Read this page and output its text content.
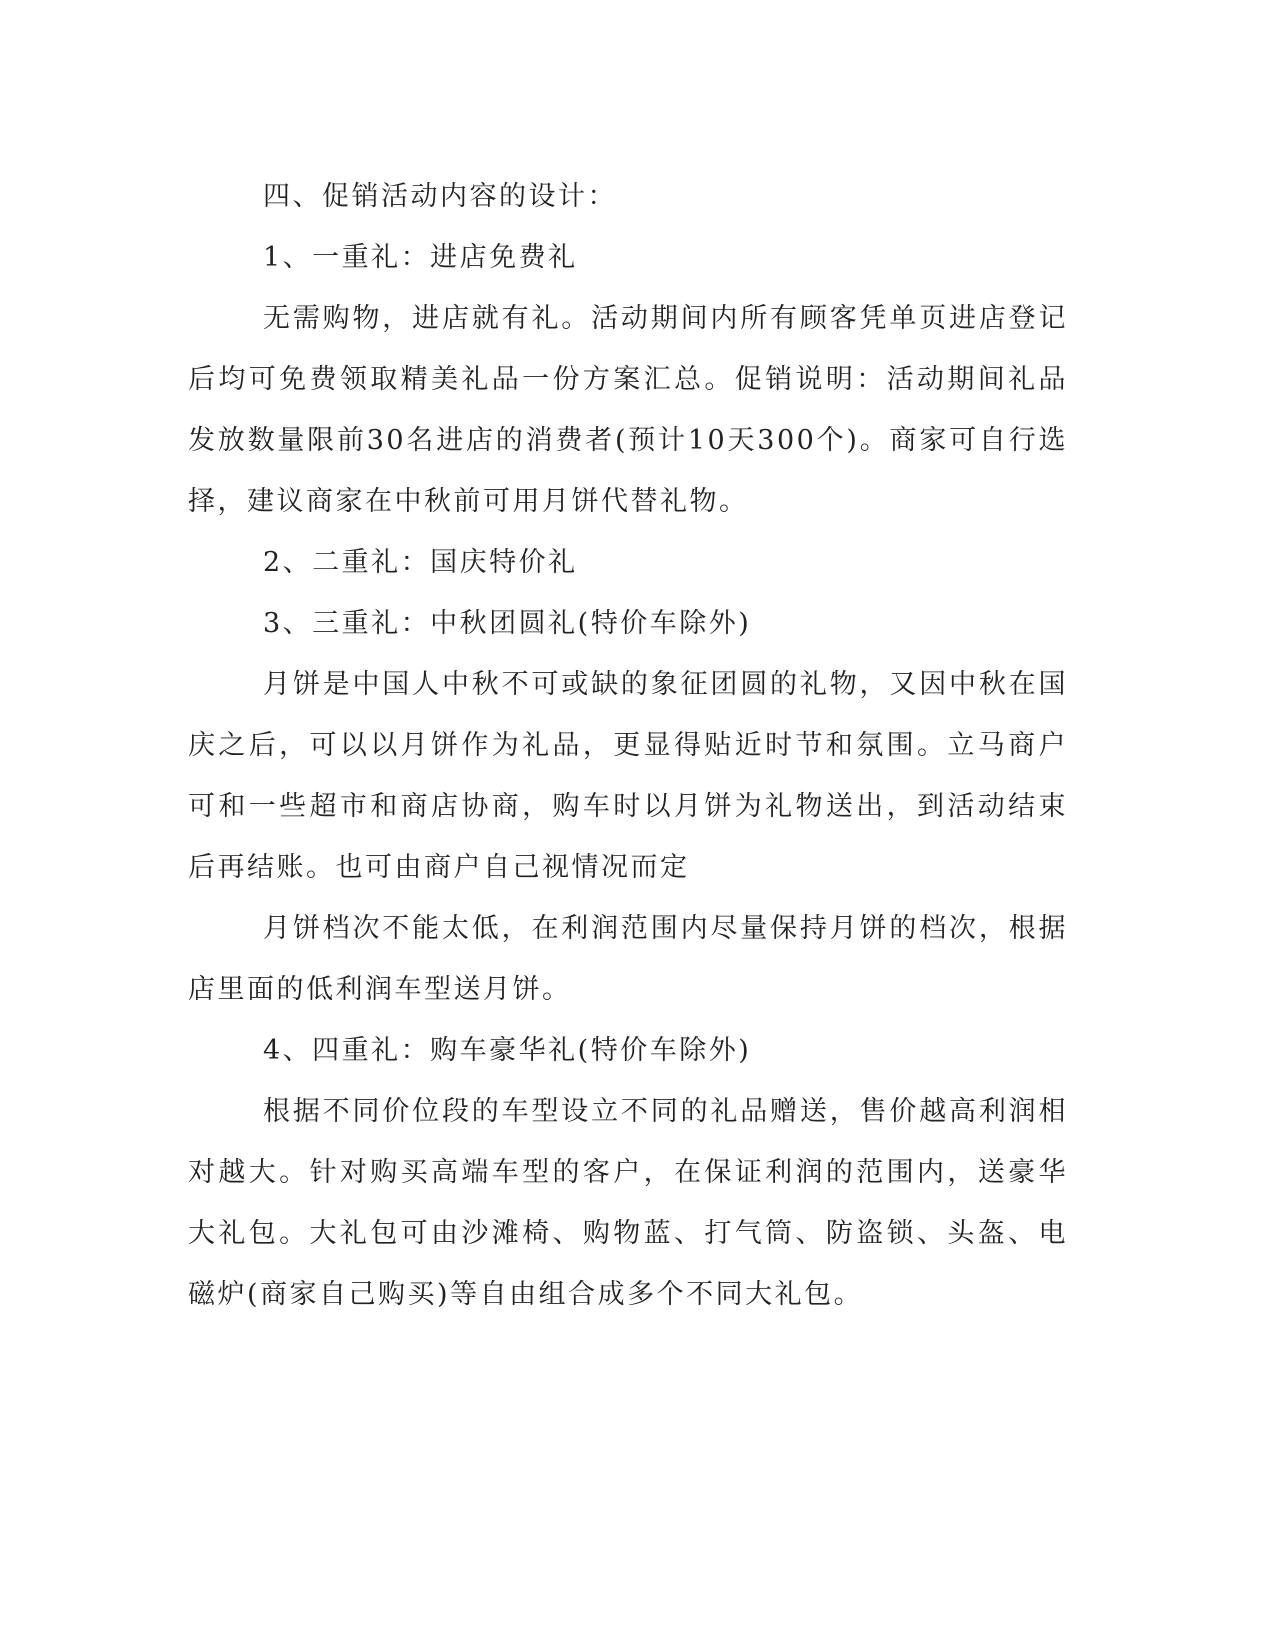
四、促销活动内容的设计：

1、一重礼：进店免费礼

无需购物，进店就有礼。活动期间内所有顾客凭单页进店登记后均可免费领取精美礼品一份方案汇总。促销说明：活动期间礼品发放数量限前30名进店的消费者(预计10天300个)。商家可自行选择，建议商家在中秋前可用月饼代替礼物。

2、二重礼：国庆特价礼

3、三重礼：中秋团圆礼(特价车除外)

月饼是中国人中秋不可或缺的象征团圆的礼物，又因中秋在国庆之后，可以以月饼作为礼品，更显得贴近时节和氛围。立马商户可和一些超市和商店协商，购车时以月饼为礼物送出，到活动结束后再结账。也可由商户自己视情况而定

月饼档次不能太低，在利润范围内尽量保持月饼的档次，根据店里面的低利润车型送月饼。

4、四重礼：购车豪华礼(特价车除外)

根据不同价位段的车型设立不同的礼品赠送，售价越高利润相对越大。针对购买高端车型的客户，在保证利润的范围内，送豪华大礼包。大礼包可由沙滩椅、购物蓝、打气筒、防盗锁、头盔、电磁炉(商家自己购买)等自由组合成多个不同大礼包。
